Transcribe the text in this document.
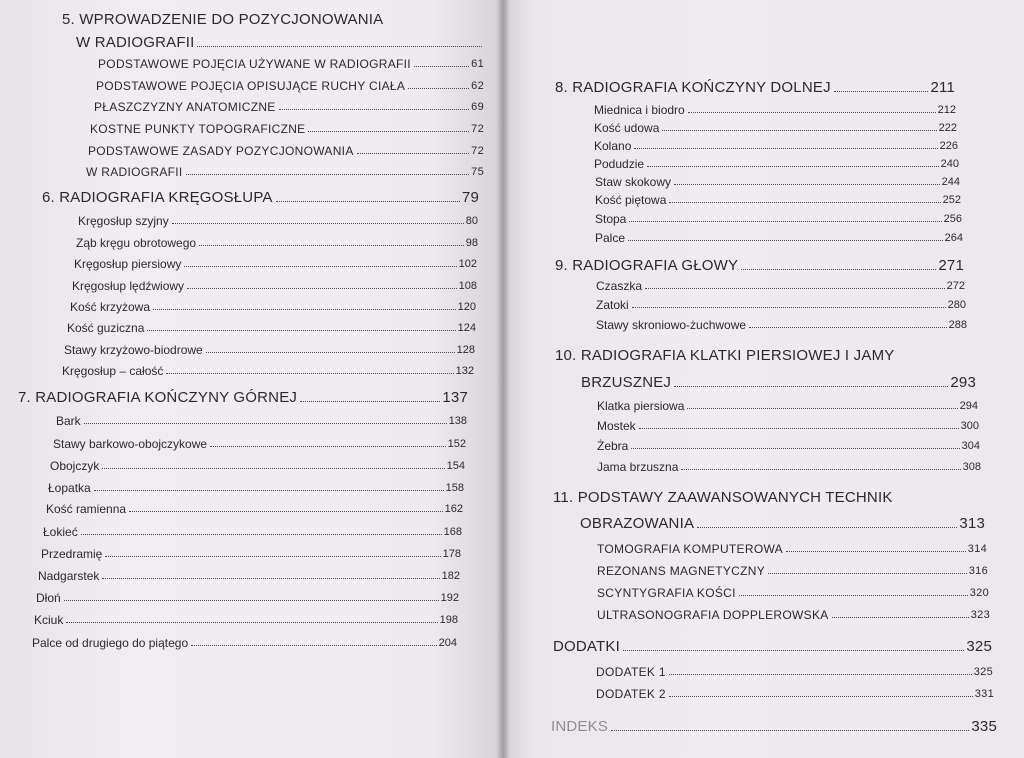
5. WPROWADZENIE DO POZYCJONOWANIA
W RADIOGRAFII
PODSTAWOWE POJĘCIA UŻYWANE W RADIOGRAFII	61
PODSTAWOWE POJĘCIA OPISUJĄCE RUCHY CIAŁA	62
PŁASZCZYZNY ANATOMICZNE	69
KOSTNE PUNKTY TOPOGRAFICZNE	72
PODSTAWOWE ZASADY POZYCJONOWANIA	72
W RADIOGRAFII	75
6. RADIOGRAFIA KRĘGOSŁUPA	79
Kręgosłup szyjny	80
Ząb kręgu obrotowego	98
Kręgosłup piersiowy	102
Kręgosłup lędźwiowy	108
Kość krzyżowa	120
Kość guziczna	124
Stawy krzyżowo-biodrowe	128
Kręgosłup – całość	132
7. RADIOGRAFIA KOŃCZYNY GÓRNEJ	137
Bark	138
Stawy barkowo-obojczykowe	152
Obojczyk	154
Łopatka	158
Kość ramienna	162
Łokieć	168
Przedramię	178
Nadgarstek	182
Dłoń	192
Kciuk	198
Palce od drugiego do piątego	204
8. RADIOGRAFIA KOŃCZYNY DOLNEJ	211
Miednica i biodro	212
Kość udowa	222
Kolano	226
Podudzie	240
Staw skokowy	244
Kość piętowa	252
Stopa	256
Palce	264
9. RADIOGRAFIA GŁOWY	271
Czaszka	272
Zatoki	280
Stawy skroniowo-żuchwowe	288
10. RADIOGRAFIA KLATKI PIERSIOWEJ I JAMY
BRZUSZNEJ	293
Klatka piersiowa	294
Mostek	300
Żebra	304
Jama brzuszna	308
11. PODSTAWY ZAAWANSOWANYCH TECHNIK
OBRAZOWANIA	313
TOMOGRAFIA KOMPUTEROWA	314
REZONANS MAGNETYCZNY	316
SCYNTYGRAFIA KOŚCI	320
ULTRASONOGRAFIA DOPPLEROWSKA	323
DODATKI	325
DODATEK 1	325
DODATEK 2	331
INDEKS	335
